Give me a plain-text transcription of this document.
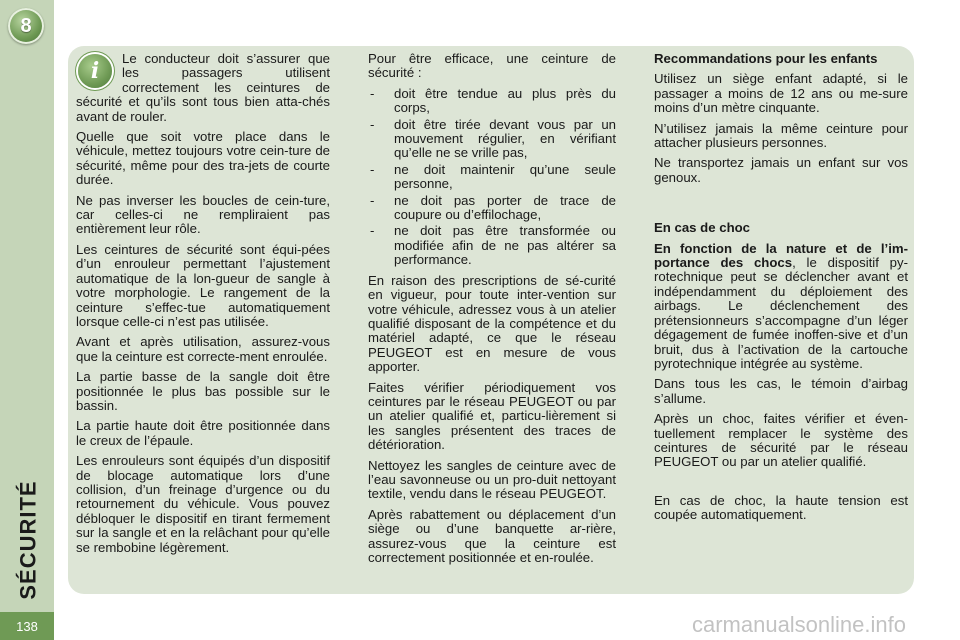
8
SÉCURITÉ
138
i	Le conducteur doit s’assurer que les passagers utilisent correctement les ceintures de sécurité et qu’ils sont tous bien atta-chés avant de rouler.

Quelle que soit votre place dans le véhicule, mettez toujours votre cein-ture de sécurité, même pour des tra-jets de courte durée.

Ne pas inverser les boucles de cein-ture, car celles-ci ne rempliraient pas entièrement leur rôle.

Les ceintures de sécurité sont équi-pées d’un enrouleur permettant l’ajustement automatique de la lon-gueur de sangle à votre morphologie. Le rangement de la ceinture s’effec-tue automatiquement lorsque celle-ci n’est pas utilisée.

Avant et après utilisation, assurez-vous que la ceinture est correcte-ment enroulée.

La partie basse de la sangle doit être positionnée le plus bas possible sur le bassin.

La partie haute doit être positionnée dans le creux de l’épaule.

Les enrouleurs sont équipés d’un dispositif de blocage automatique lors d’une collision, d’un freinage d’urgence ou du retournement du véhicule. Vous pouvez débloquer le dispositif en tirant fermement sur la sangle et en la relâchant pour qu’elle se rembobine légèrement.

Pour être efficace, une ceinture de sécurité :

- doit être tendue au plus près du corps,
- doit être tirée devant vous par un mouvement régulier, en vérifiant qu’elle ne se vrille pas,
- ne doit maintenir qu’une seule personne,
- ne doit pas porter de trace de coupure ou d’effilochage,
- ne doit pas être transformée ou modifiée afin de ne pas altérer sa performance.

En raison des prescriptions de sé-curité en vigueur, pour toute inter-vention sur votre véhicule, adressez vous à un atelier qualifié disposant de la compétence et du matériel adapté, ce que le réseau PEUGEOT est en mesure de vous apporter.

Faites vérifier périodiquement vos ceintures par le réseau PEUGEOT ou par un atelier qualifié et, particu-lièrement si les sangles présentent des traces de détérioration.

Nettoyez les sangles de ceinture avec de l’eau savonneuse ou un pro-duit nettoyant textile, vendu dans le réseau PEUGEOT.

Après rabattement ou déplacement d’un siège ou d’une banquette ar-rière, assurez-vous que la ceinture est correctement positionnée et en-roulée.

Recommandations pour les enfants

Utilisez un siège enfant adapté, si le passager a moins de 12 ans ou me-sure moins d’un mètre cinquante.

N’utilisez jamais la même ceinture pour attacher plusieurs personnes.

Ne transportez jamais un enfant sur vos genoux.

En cas de choc

En fonction de la nature et de l’im-portance des chocs, le dispositif py-rotechnique peut se déclencher avant et indépendamment du déploiement des airbags. Le déclenchement des prétensionneurs s’accompagne d’un léger dégagement de fumée inoffen-sive et d’un bruit, dus à l’activation de la cartouche pyrotechnique intégrée au système.

Dans tous les cas, le témoin d’airbag s’allume.

Après un choc, faites vérifier et éven-tuellement remplacer le système des ceintures de sécurité par le réseau PEUGEOT ou par un atelier qualifié.

En cas de choc, la haute tension est coupée automatiquement.

carmanualsonline.info
